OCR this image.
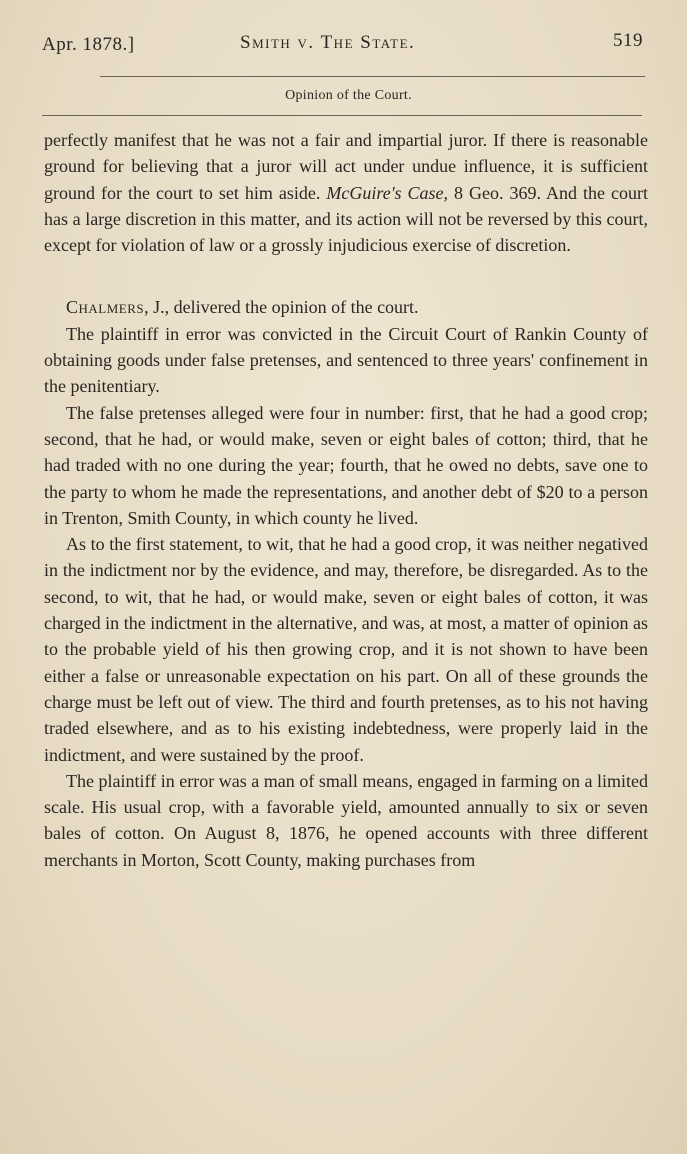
Apr. 1878.]	Smith v. The State.	519
Opinion of the Court.

perfectly manifest that he was not a fair and impartial juror. If there is reasonable ground for believing that a juror will act under undue influence, it is sufficient ground for the court to set him aside. McGuire's Case, 8 Geo. 369. And the court has a large discretion in this matter, and its action will not be reversed by this court, except for violation of law or a grossly injudicious exercise of discretion.

Chalmers, J., delivered the opinion of the court.

The plaintiff in error was convicted in the Circuit Court of Rankin County of obtaining goods under false pretenses, and sentenced to three years' confinement in the penitentiary.

The false pretenses alleged were four in number: first, that he had a good crop; second, that he had, or would make, seven or eight bales of cotton; third, that he had traded with no one during the year; fourth, that he owed no debts, save one to the party to whom he made the representations, and another debt of $20 to a person in Trenton, Smith County, in which county he lived.

As to the first statement, to wit, that he had a good crop, it was neither negatived in the indictment nor by the evidence, and may, therefore, be disregarded. As to the second, to wit, that he had, or would make, seven or eight bales of cotton, it was charged in the indictment in the alternative, and was, at most, a matter of opinion as to the probable yield of his then growing crop, and it is not shown to have been either a false or unreasonable expectation on his part. On all of these grounds the charge must be left out of view. The third and fourth pretenses, as to his not having traded elsewhere, and as to his existing indebtedness, were properly laid in the indictment, and were sustained by the proof.

The plaintiff in error was a man of small means, engaged in farming on a limited scale. His usual crop, with a favorable yield, amounted annually to six or seven bales of cotton. On August 8, 1876, he opened accounts with three different merchants in Morton, Scott County, making purchases from
